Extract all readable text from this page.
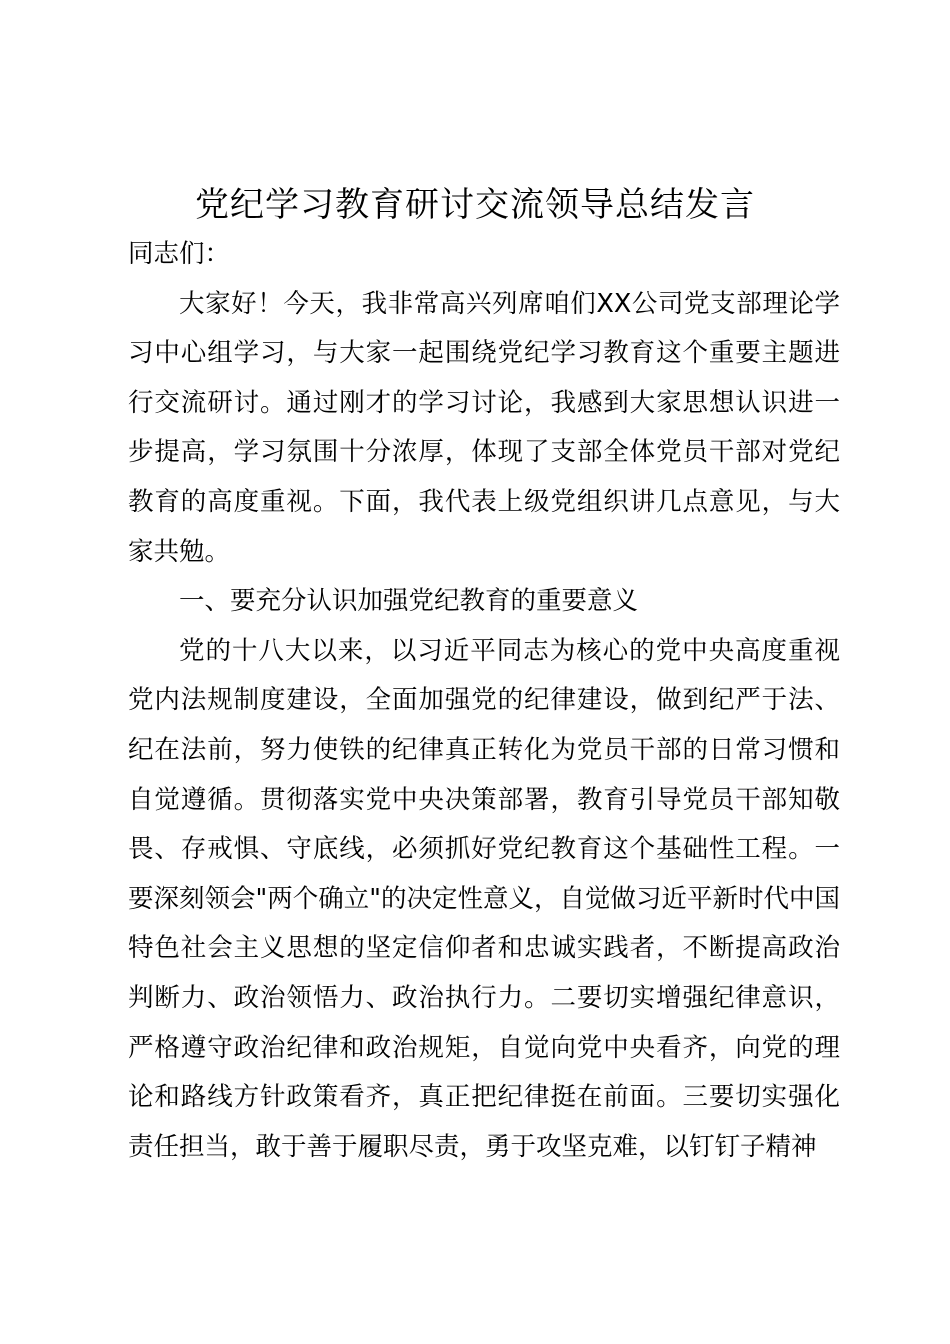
党纪学习教育研讨交流领导总结发言

同志们：

大家好！今天，我非常高兴列席咱们XX公司党支部理论学习中心组学习，与大家一起围绕党纪学习教育这个重要主题进行交流研讨。通过刚才的学习讨论，我感到大家思想认识进一步提高，学习氛围十分浓厚，体现了支部全体党员干部对党纪教育的高度重视。下面，我代表上级党组织讲几点意见，与大家共勉。

一、要充分认识加强党纪教育的重要意义

党的十八大以来，以习近平同志为核心的党中央高度重视党内法规制度建设，全面加强党的纪律建设，做到纪严于法、纪在法前，努力使铁的纪律真正转化为党员干部的日常习惯和自觉遵循。贯彻落实党中央决策部署，教育引导党员干部知敬畏、存戒惧、守底线，必须抓好党纪教育这个基础性工程。一要深刻领会"两个确立"的决定性意义，自觉做习近平新时代中国特色社会主义思想的坚定信仰者和忠诚实践者，不断提高政治判断力、政治领悟力、政治执行力。二要切实增强纪律意识，严格遵守政治纪律和政治规矩，自觉向党中央看齐，向党的理论和路线方针政策看齐，真正把纪律挺在前面。三要切实强化责任担当，敢于善于履职尽责，勇于攻坚克难，以钉钉子精神
